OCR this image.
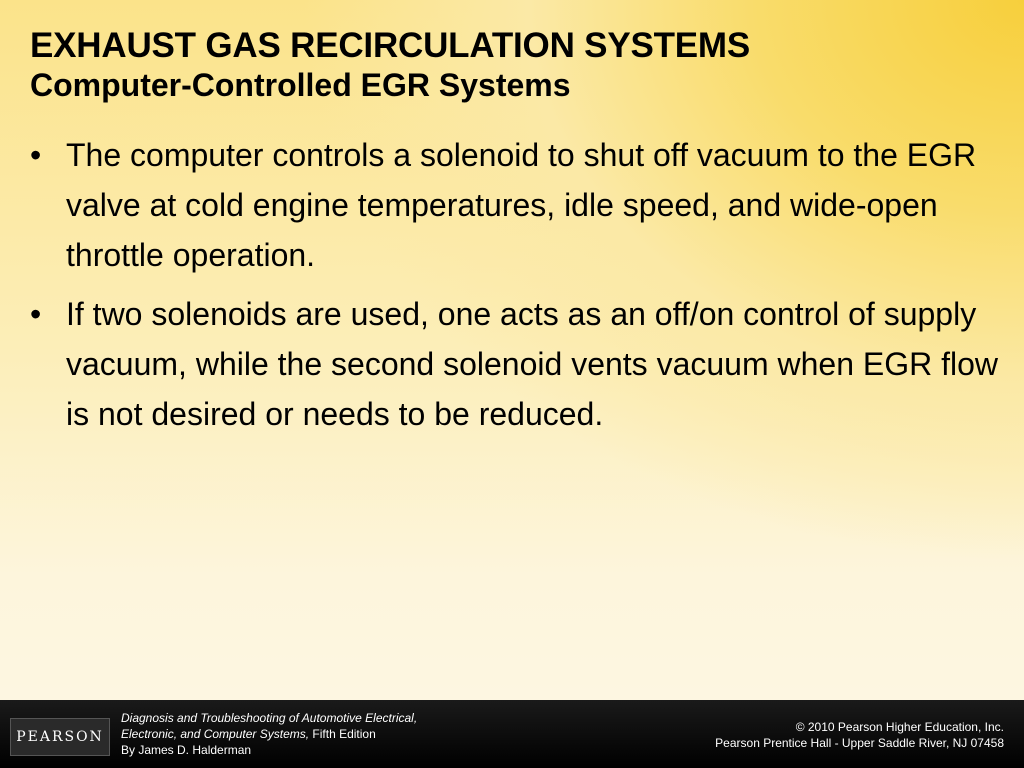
EXHAUST GAS RECIRCULATION SYSTEMS
Computer-Controlled EGR Systems
• The computer controls a solenoid to shut off vacuum to the EGR valve at cold engine temperatures, idle speed, and wide-open throttle operation.
• If two solenoids are used, one acts as an off/on control of supply vacuum, while the second solenoid vents vacuum when EGR flow is not desired or needs to be reduced.
PEARSON
Diagnosis and Troubleshooting of Automotive Electrical,
Electronic, and Computer Systems, Fifth Edition
By James D. Halderman
© 2010 Pearson Higher Education, Inc.
Pearson Prentice Hall - Upper Saddle River, NJ 07458
